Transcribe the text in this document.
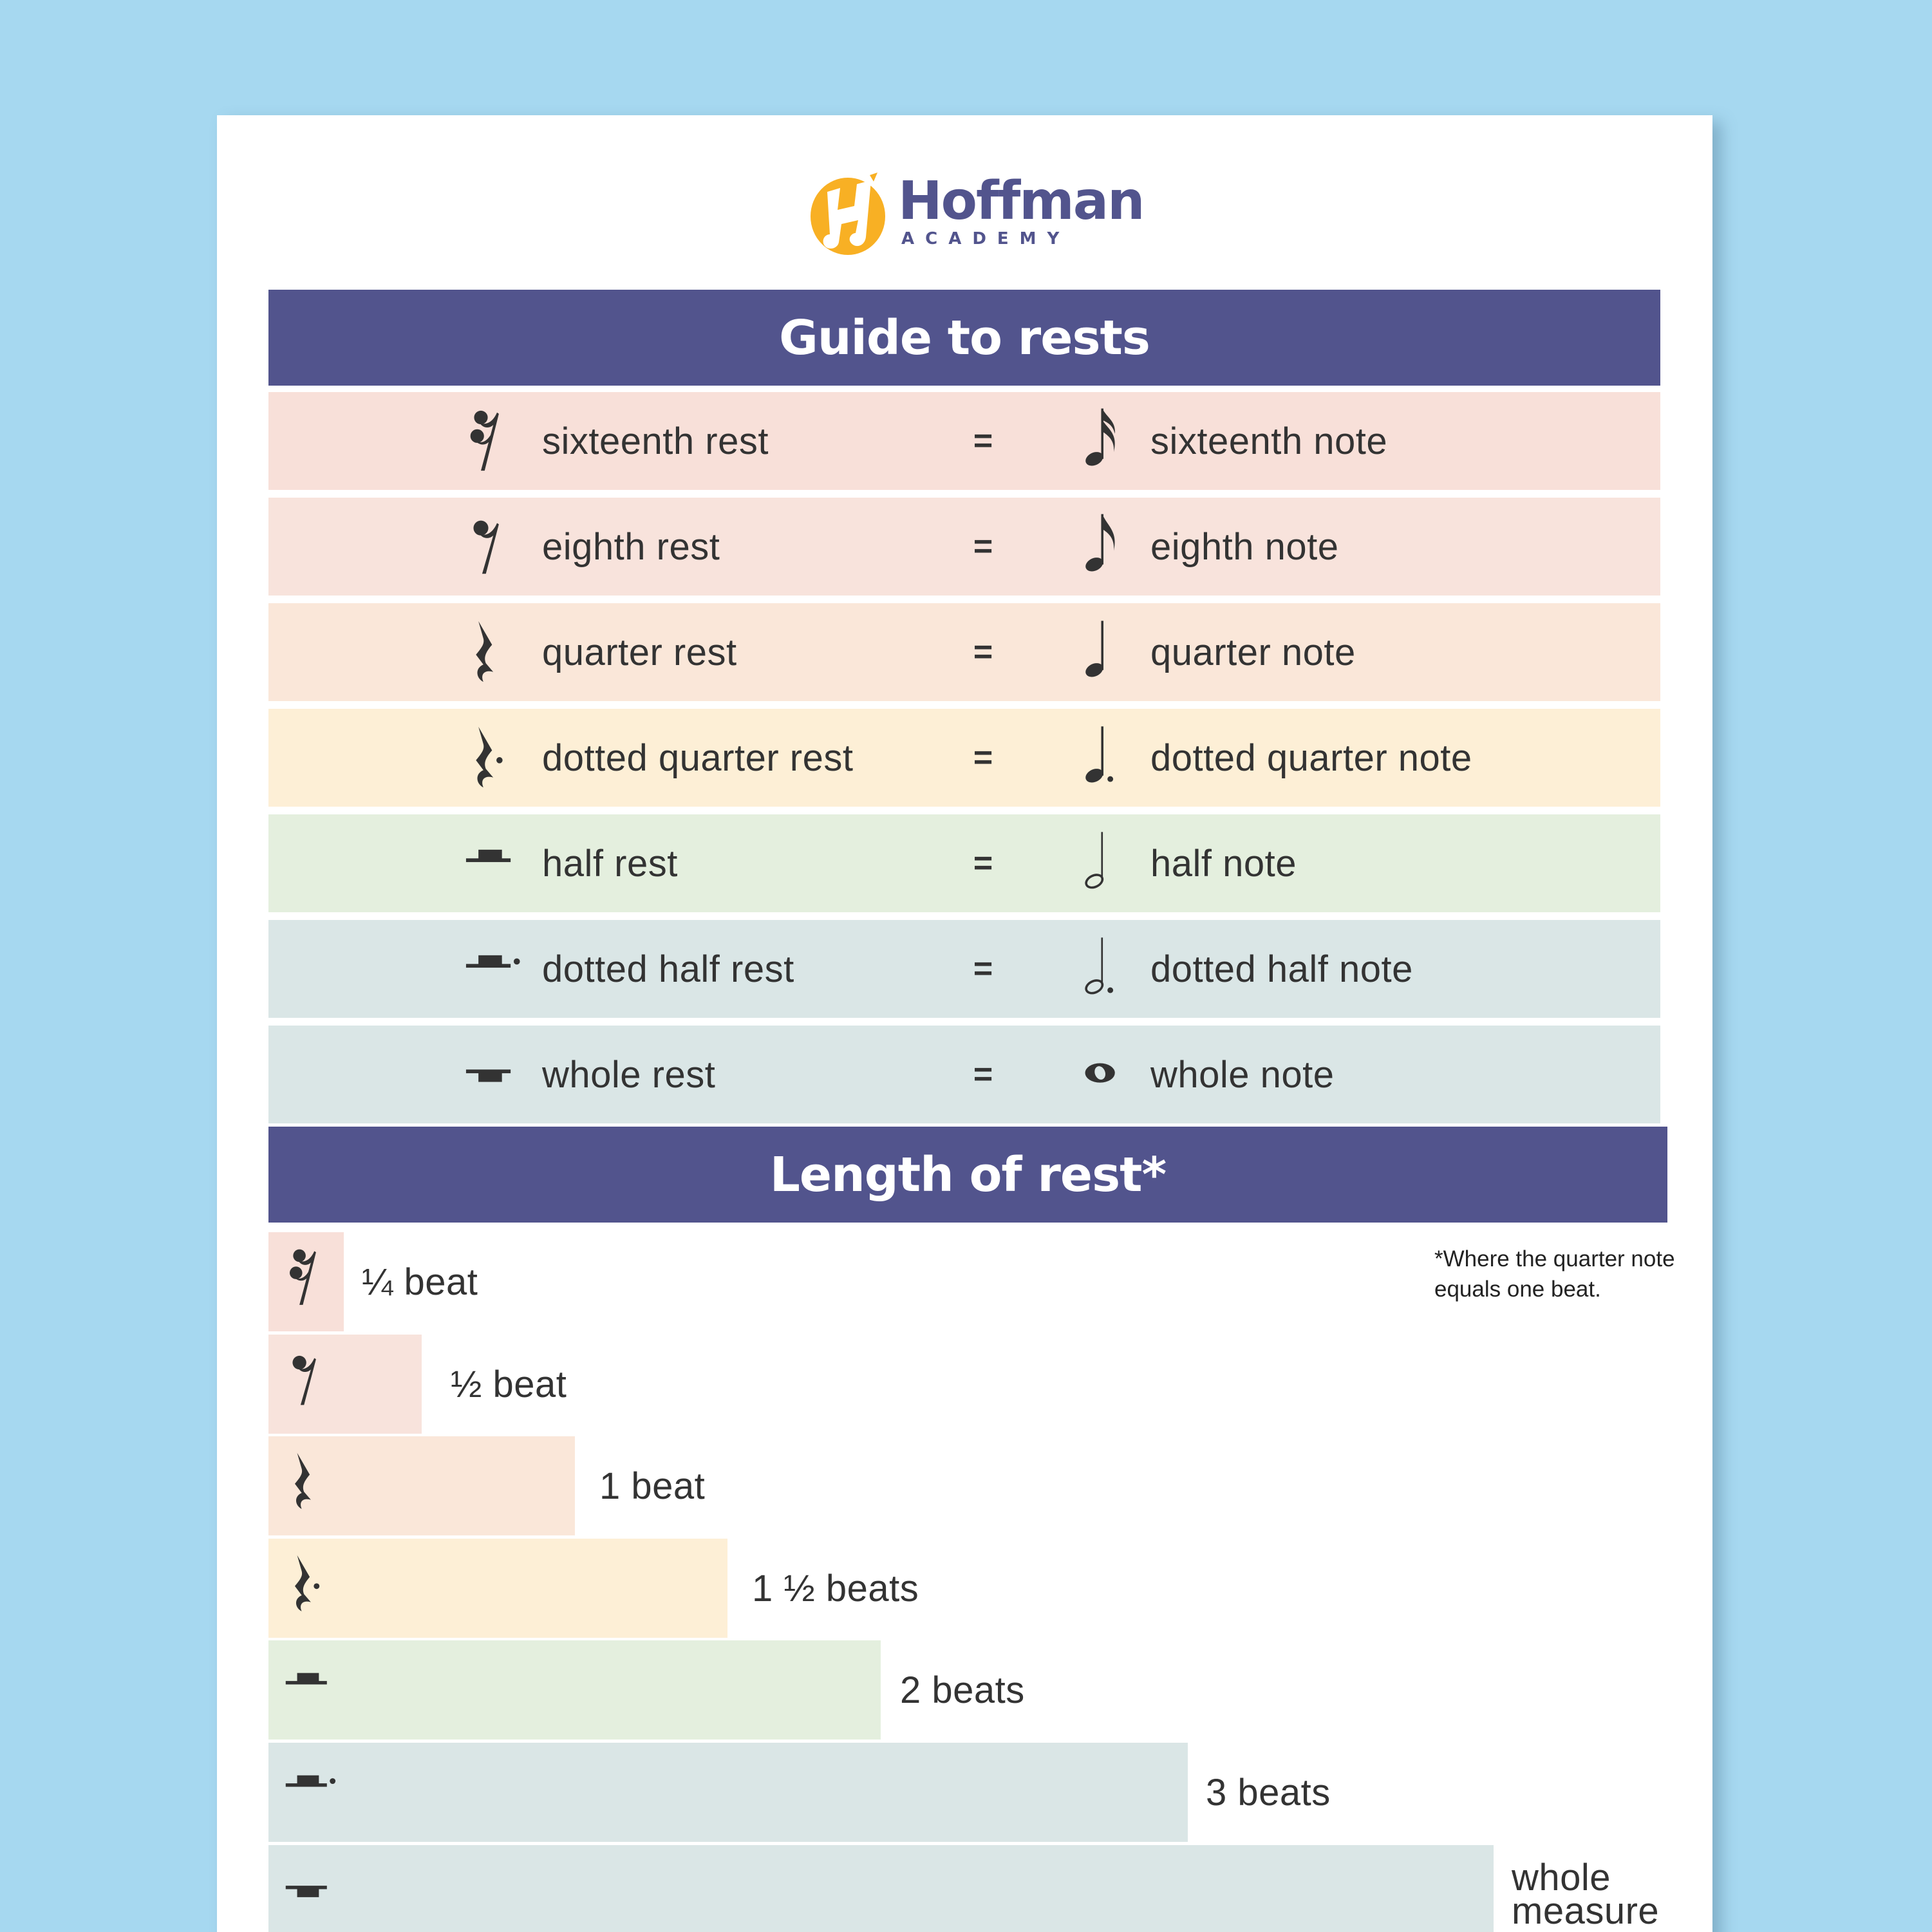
Hoffman
ACADEMY
Guide to rests
sixteenth rest	=	sixteenth note
eighth rest	=	eighth note
quarter rest	=	quarter note
dotted quarter rest	=	dotted quarter note
half rest	=	half note
dotted half rest	=	dotted half note
whole rest	=	whole note
Length of rest*
*Where the quarter note equals one beat.
¼ beat
½ beat
1 beat
1 ½ beats
2 beats
3 beats
whole measure
